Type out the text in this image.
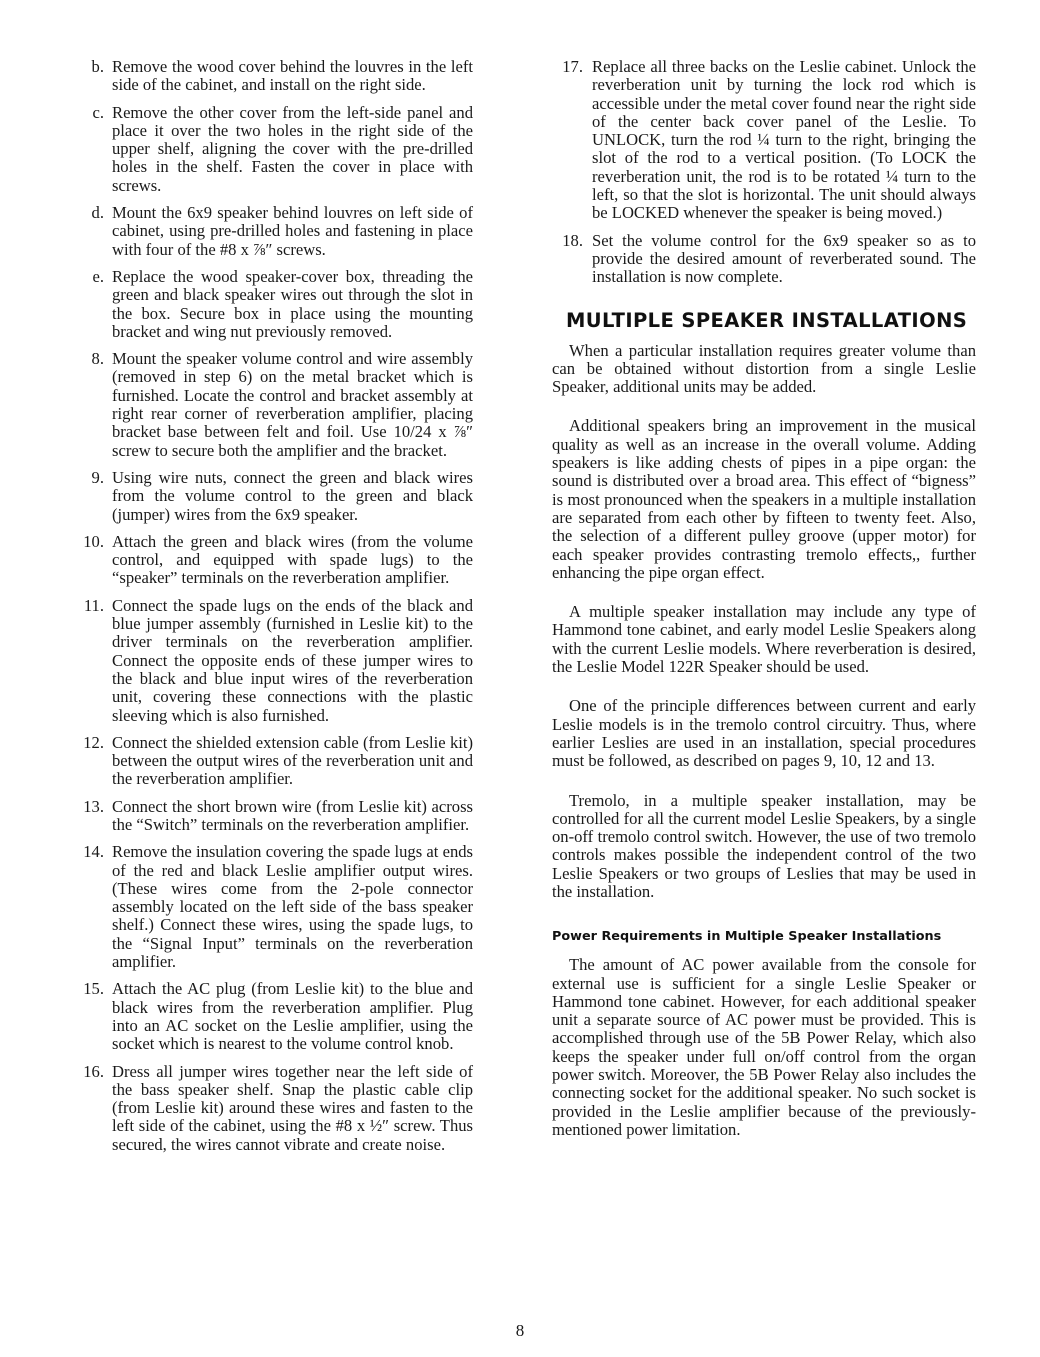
b. Remove the wood cover behind the louvres in the left side of the cabinet, and install on the right side.
c. Remove the other cover from the left-side panel and place it over the two holes in the right side of the upper shelf, aligning the cover with the pre-drilled holes in the shelf. Fasten the cover in place with screws.
d. Mount the 6x9 speaker behind louvres on left side of cabinet, using pre-drilled holes and fastening in place with four of the #8 x ⅞″ screws.
e. Replace the wood speaker-cover box, threading the green and black speaker wires out through the slot in the box. Secure box in place using the mounting bracket and wing nut previously removed.
8. Mount the speaker volume control and wire assembly (removed in step 6) on the metal bracket which is furnished. Locate the control and bracket assembly at right rear corner of reverberation amplifier, placing bracket base between felt and foil. Use 10/24 x ⅞″ screw to secure both the amplifier and the bracket.
9. Using wire nuts, connect the green and black wires from the volume control to the green and black (jumper) wires from the 6x9 speaker.
10. Attach the green and black wires (from the volume control, and equipped with spade lugs) to the “speaker” terminals on the reverberation amplifier.
11. Connect the spade lugs on the ends of the black and blue jumper assembly (furnished in Leslie kit) to the driver terminals on the reverberation amplifier. Connect the opposite ends of these jumper wires to the black and blue input wires of the reverberation unit, covering these connections with the plastic sleeving which is also furnished.
12. Connect the shielded extension cable (from Leslie kit) between the output wires of the reverberation unit and the reverberation amplifier.
13. Connect the short brown wire (from Leslie kit) across the “Switch” terminals on the reverberation amplifier.
14. Remove the insulation covering the spade lugs at ends of the red and black Leslie amplifier output wires. (These wires come from the 2-pole connector assembly located on the left side of the bass speaker shelf.) Connect these wires, using the spade lugs, to the “Signal Input” terminals on the reverberation amplifier.
15. Attach the AC plug (from Leslie kit) to the blue and black wires from the reverberation amplifier. Plug into an AC socket on the Leslie amplifier, using the socket which is nearest to the volume control knob.
16. Dress all jumper wires together near the left side of the bass speaker shelf. Snap the plastic cable clip (from Leslie kit) around these wires and fasten to the left side of the cabinet, using the #8 x ½″ screw. Thus secured, the wires cannot vibrate and create noise.
17. Replace all three backs on the Leslie cabinet. Unlock the reverberation unit by turning the lock rod which is accessible under the metal cover found near the right side of the center back cover panel of the Leslie. To UNLOCK, turn the rod ¼ turn to the right, bringing the slot of the rod to a vertical position. (To LOCK the reverberation unit, the rod is to be rotated ¼ turn to the left, so that the slot is horizontal. The unit should always be LOCKED whenever the speaker is being moved.)
18. Set the volume control for the 6x9 speaker so as to provide the desired amount of reverberated sound. The installation is now complete.
MULTIPLE SPEAKER INSTALLATIONS

When a particular installation requires greater volume than can be obtained without distortion from a single Leslie Speaker, additional units may be added.

Additional speakers bring an improvement in the musical quality as well as an increase in the overall volume. Adding speakers is like adding chests of pipes in a pipe organ: the sound is distributed over a broad area. This effect of “bigness” is most pronounced when the speakers in a multiple installation are separated from each other by fifteen to twenty feet. Also, the selection of a different pulley groove (upper motor) for each speaker provides contrasting tremolo effects,, further enhancing the pipe organ effect.

A multiple speaker installation may include any type of Hammond tone cabinet, and early model Leslie Speakers along with the current Leslie models. Where reverberation is desired, the Leslie Model 122R Speaker should be used.

One of the principle differences between current and early Leslie models is in the tremolo control circuitry. Thus, where earlier Leslies are used in an installation, special procedures must be followed, as described on pages 9, 10, 12 and 13.

Tremolo, in a multiple speaker installation, may be controlled for all the current model Leslie Speakers, by a single on-off tremolo control switch. However, the use of two tremolo controls makes possible the independent control of the two Leslie Speakers or two groups of Leslies that may be used in the installation.

Power Requirements in Multiple Speaker Installations

The amount of AC power available from the console for external use is sufficient for a single Leslie Speaker or Hammond tone cabinet. However, for each additional speaker unit a separate source of AC power must be provided. This is accomplished through use of the 5B Power Relay, which also keeps the speaker under full on/off control from the organ power switch. Moreover, the 5B Power Relay also includes the connecting socket for the additional speaker. No such socket is provided in the Leslie amplifier because of the previously-mentioned power limitation.

8
